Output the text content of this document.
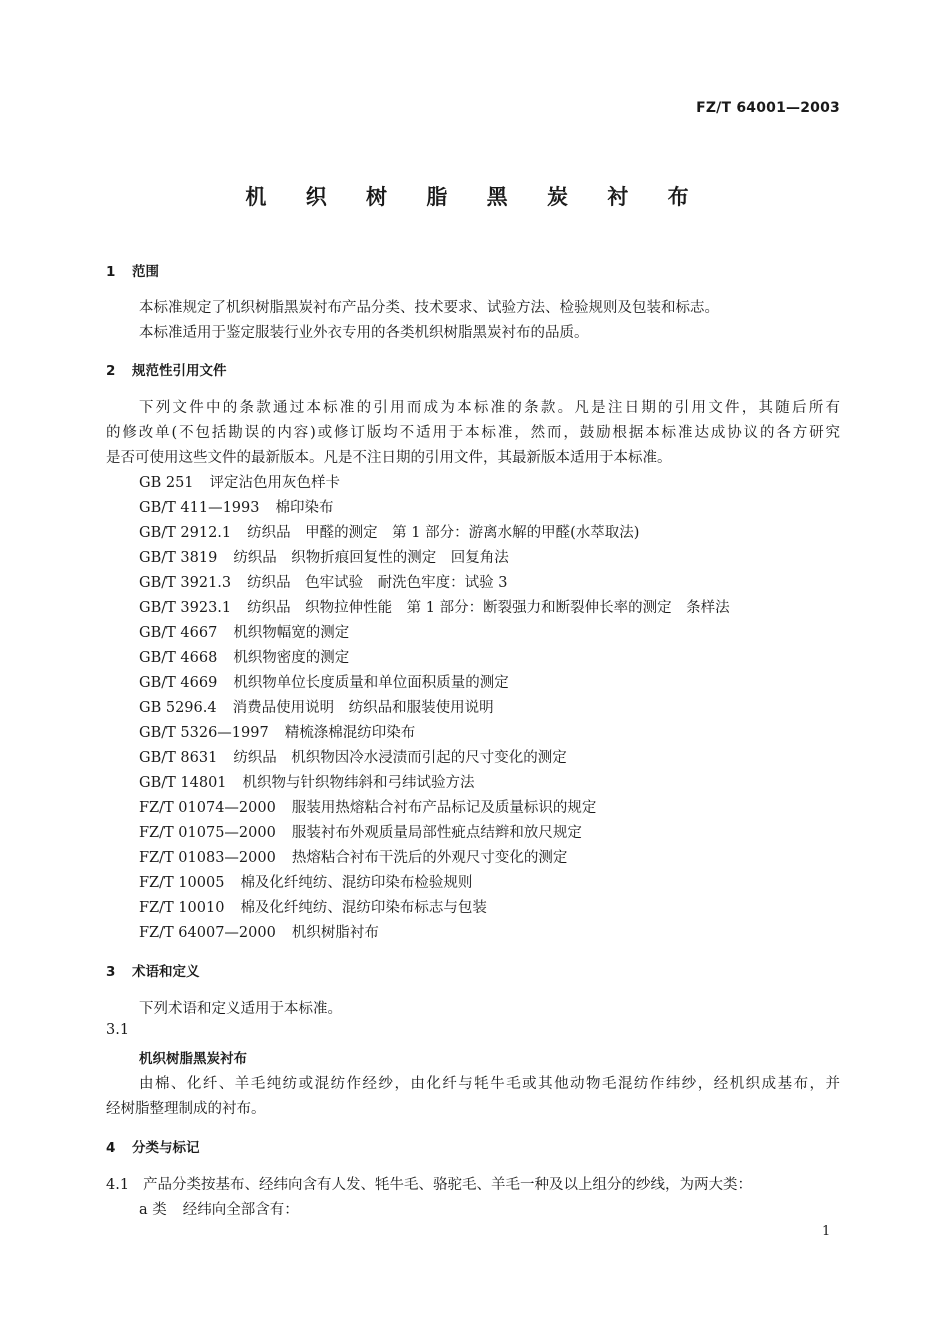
FZ/T 64001—2003
机 织 树 脂 黑 炭 衬 布
1 范围
本标准规定了机织树脂黑炭衬布产品分类、技术要求、试验方法、检验规则及包装和标志。
本标准适用于鉴定服装行业外衣专用的各类机织树脂黑炭衬布的品质。
2 规范性引用文件
下列文件中的条款通过本标准的引用而成为本标准的条款。凡是注日期的引用文件，其随后所有
的修改单(不包括勘误的内容)或修订版均不适用于本标准，然而，鼓励根据本标准达成协议的各方研究
是否可使用这些文件的最新版本。凡是不注日期的引用文件，其最新版本适用于本标准。
GB 251 评定沾色用灰色样卡
GB/T 411—1993 棉印染布
GB/T 2912.1 纺织品　甲醛的测定　第 1 部分：游离水解的甲醛(水萃取法)
GB/T 3819 纺织品　织物折痕回复性的测定　回复角法
GB/T 3921.3 纺织品　色牢试验　耐洗色牢度：试验 3
GB/T 3923.1 纺织品　织物拉伸性能　第 1 部分：断裂强力和断裂伸长率的测定　条样法
GB/T 4667 机织物幅宽的测定
GB/T 4668 机织物密度的测定
GB/T 4669 机织物单位长度质量和单位面积质量的测定
GB 5296.4 消费品使用说明　纺织品和服装使用说明
GB/T 5326—1997 精梳涤棉混纺印染布
GB/T 8631 纺织品　机织物因冷水浸渍而引起的尺寸变化的测定
GB/T 14801 机织物与针织物纬斜和弓纬试验方法
FZ/T 01074—2000 服装用热熔粘合衬布产品标记及质量标识的规定
FZ/T 01075—2000 服装衬布外观质量局部性疵点结辫和放尺规定
FZ/T 01083—2000 热熔粘合衬布干洗后的外观尺寸变化的测定
FZ/T 10005 棉及化纤纯纺、混纺印染布检验规则
FZ/T 10010 棉及化纤纯纺、混纺印染布标志与包装
FZ/T 64007—2000 机织树脂衬布
3 术语和定义
下列术语和定义适用于本标准。
3.1
机织树脂黑炭衬布
由棉、化纤、羊毛纯纺或混纺作经纱，由化纤与牦牛毛或其他动物毛混纺作纬纱，经机织成基布，并
经树脂整理制成的衬布。
4 分类与标记
4.1 产品分类按基布、经纬向含有人发、牦牛毛、骆驼毛、羊毛一种及以上组分的纱线，为两大类：
a 类 经纬向全部含有：
1
